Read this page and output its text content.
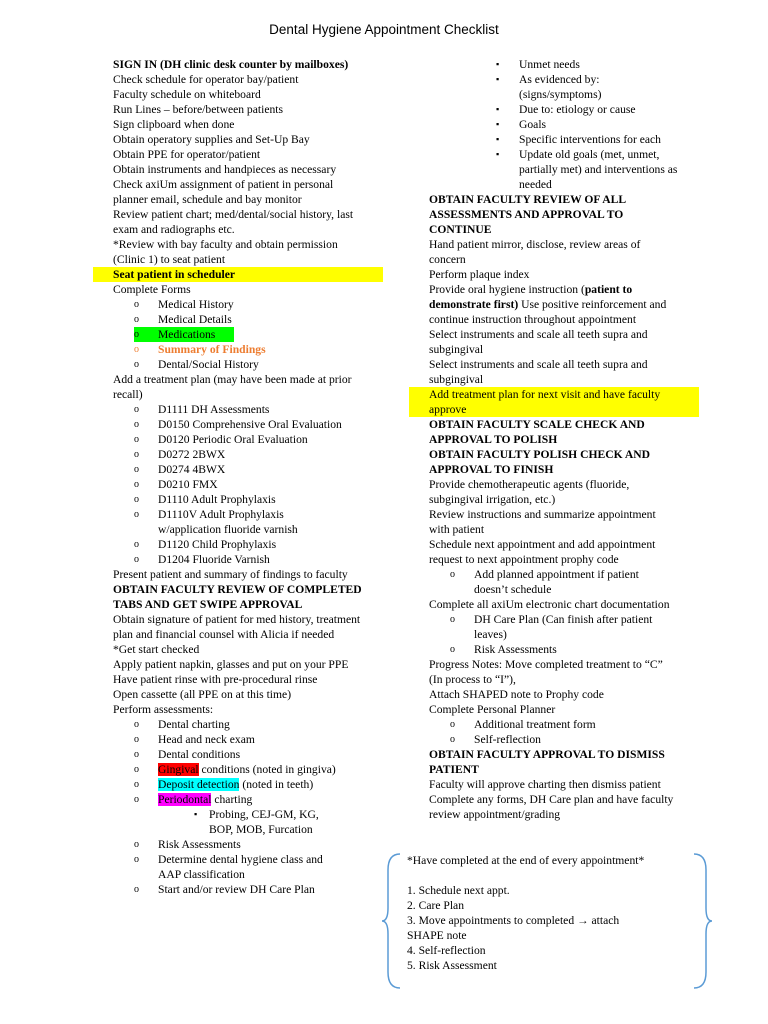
Dental Hygiene Appointment Checklist
SIGN IN (DH clinic desk counter by mailboxes)
Check schedule for operator bay/patient
Faculty schedule on whiteboard
Run Lines – before/between patients
Sign clipboard when done
Obtain operatory supplies and Set-Up Bay
Obtain PPE for operator/patient
Obtain instruments and handpieces as necessary
Check axiUm assignment of patient in personal planner email, schedule and bay monitor
Review patient chart; med/dental/social history, last exam and radiographs etc.
*Review with bay faculty and obtain permission (Clinic 1) to seat patient
Seat patient in scheduler
Complete Forms
o Medical History
o Medical Details
o Medications
o Summary of Findings
o Dental/Social History
Add a treatment plan (may have been made at prior recall)
o D1111 DH Assessments
o D0150 Comprehensive Oral Evaluation
o D0120 Periodic Oral Evaluation
o D0272 2BWX
o D0274 4BWX
o D0210 FMX
o D1110 Adult Prophylaxis
o D1110V Adult Prophylaxis w/application fluoride varnish
o D1120 Child Prophylaxis
o D1204 Fluoride Varnish
Present patient and summary of findings to faculty
OBTAIN FACULTY REVIEW OF COMPLETED TABS AND GET SWIPE APPROVAL
Obtain signature of patient for med history, treatment plan and financial counsel with Alicia if needed
*Get start checked
Apply patient napkin, glasses and put on your PPE
Have patient rinse with pre-procedural rinse
Open cassette (all PPE on at this time)
Perform assessments:
o Dental charting
o Head and neck exam
o Dental conditions
o Gingival conditions (noted in gingiva)
o Deposit detection (noted in teeth)
o Periodontal charting
▪ Probing, CEJ-GM, KG, BOP, MOB, Furcation
o Risk Assessments
o Determine dental hygiene class and AAP classification
o Start and/or review DH Care Plan
▪ Unmet needs
▪ As evidenced by: (signs/symptoms)
▪ Due to: etiology or cause
▪ Goals
▪ Specific interventions for each
▪ Update old goals (met, unmet, partially met) and interventions as needed
OBTAIN FACULTY REVIEW OF ALL ASSESSMENTS AND APPROVAL TO CONTINUE
Hand patient mirror, disclose, review areas of concern
Perform plaque index
Provide oral hygiene instruction (patient to demonstrate first) Use positive reinforcement and continue instruction throughout appointment
Select instruments and scale all teeth supra and subgingival
Select instruments and scale all teeth supra and subgingival
Add treatment plan for next visit and have faculty approve
OBTAIN FACULTY SCALE CHECK AND APPROVAL TO POLISH
OBTAIN FACULTY POLISH CHECK AND APPROVAL TO FINISH
Provide chemotherapeutic agents (fluoride, subgingival irrigation, etc.)
Review instructions and summarize appointment with patient
Schedule next appointment and add appointment request to next appointment prophy code
o Add planned appointment if patient doesn’t schedule
Complete all axiUm electronic chart documentation
o DH Care Plan (Can finish after patient leaves)
o Risk Assessments
Progress Notes: Move completed treatment to “C” (In process to “I”),
Attach SHAPED note to Prophy code
Complete Personal Planner
o Additional treatment form
o Self-reflection
OBTAIN FACULTY APPROVAL TO DISMISS PATIENT
Faculty will approve charting then dismiss patient
Complete any forms, DH Care plan and have faculty review appointment/grading
*Have completed at the end of every appointment*
1. Schedule next appt.
2. Care Plan
3. Move appointments to completed → attach SHAPE note
4. Self-reflection
5. Risk Assessment
